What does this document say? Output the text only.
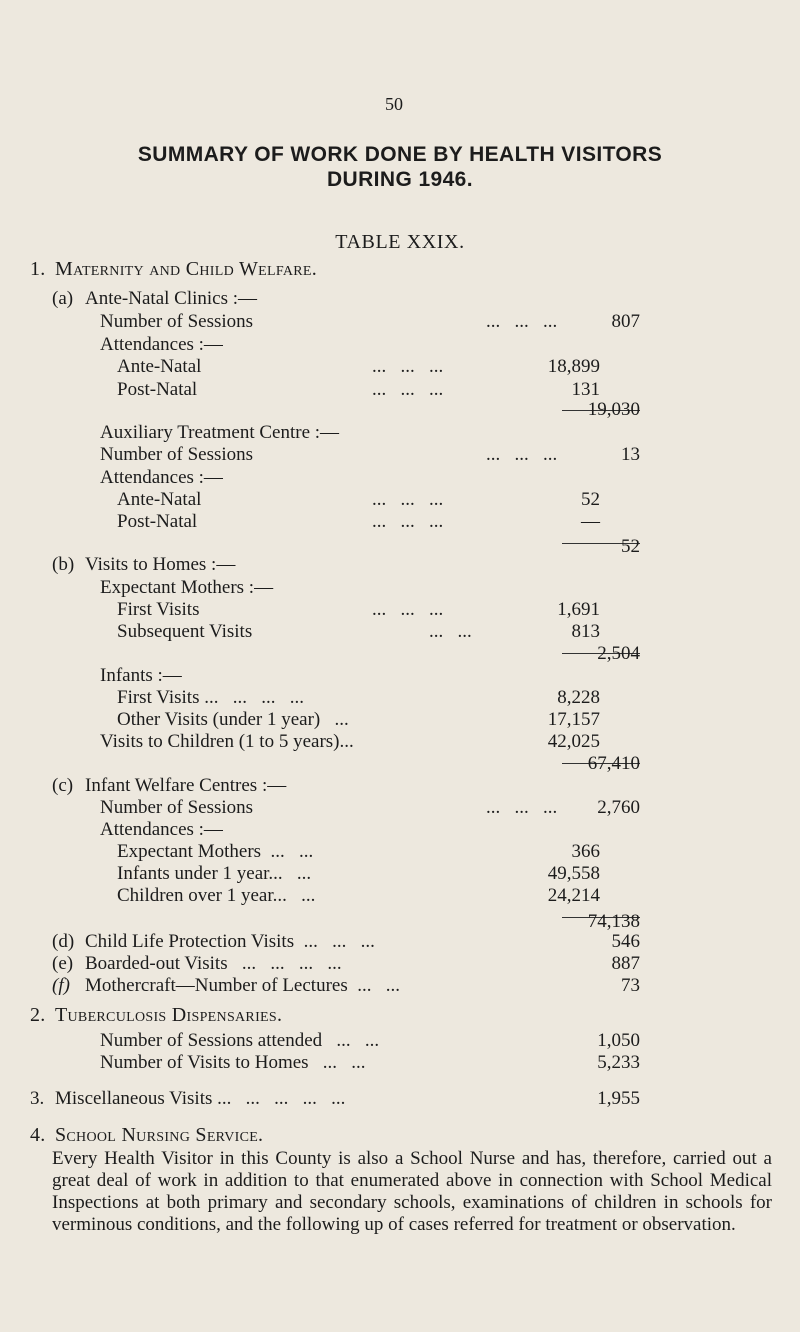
50
SUMMARY OF WORK DONE BY HEALTH VISITORS
DURING 1946.
TABLE XXIX.
1. Maternity and Child Welfare.
(a) Ante-Natal Clinics :—
Number of Sessions	...   ...   ...	807
Attendances :—
Ante-Natal	...   ...   ...	18,899
Post-Natal	...   ...   ...	131
19,030
Auxiliary Treatment Centre :—
Number of Sessions	...   ...   ...	13
Attendances :—
Ante-Natal	...   ...   ...	52
Post-Natal	...   ...   ...	—
52
(b) Visits to Homes :—
Expectant Mothers :—
First Visits	...   ...   ...	1,691
Subsequent Visits	...   ...	813
2,504
Infants :—
First Visits ...   ...   ...   ...	8,228
Other Visits (under 1 year)   ...	17,157
Visits to Children (1 to 5 years)...	42,025
67,410
(c) Infant Welfare Centres :—
Number of Sessions	...   ...   ...	2,760
Attendances :—
Expectant Mothers  ...   ...	366
Infants under 1 year...   ...	49,558
Children over 1 year...   ...	24,214
74,138
(d) Child Life Protection Visits  ...   ...   ...	546
(e) Boarded-out Visits   ...   ...   ...   ...	887
(f) Mothercraft—Number of Lectures  ...   ...	73
2. Tuberculosis Dispensaries.
Number of Sessions attended   ...   ...	1,050
Number of Visits to Homes   ...   ...	5,233
3. Miscellaneous Visits ...   ...   ...   ...   ...	1,955
4. School Nursing Service.
Every Health Visitor in this County is also a School Nurse and has, therefore, carried out a great deal of work in addition to that enumerated above in connection with School Medical Inspections at both primary and secondary schools, examinations of children in schools for verminous conditions, and the following up of cases referred for treatment or observation.
